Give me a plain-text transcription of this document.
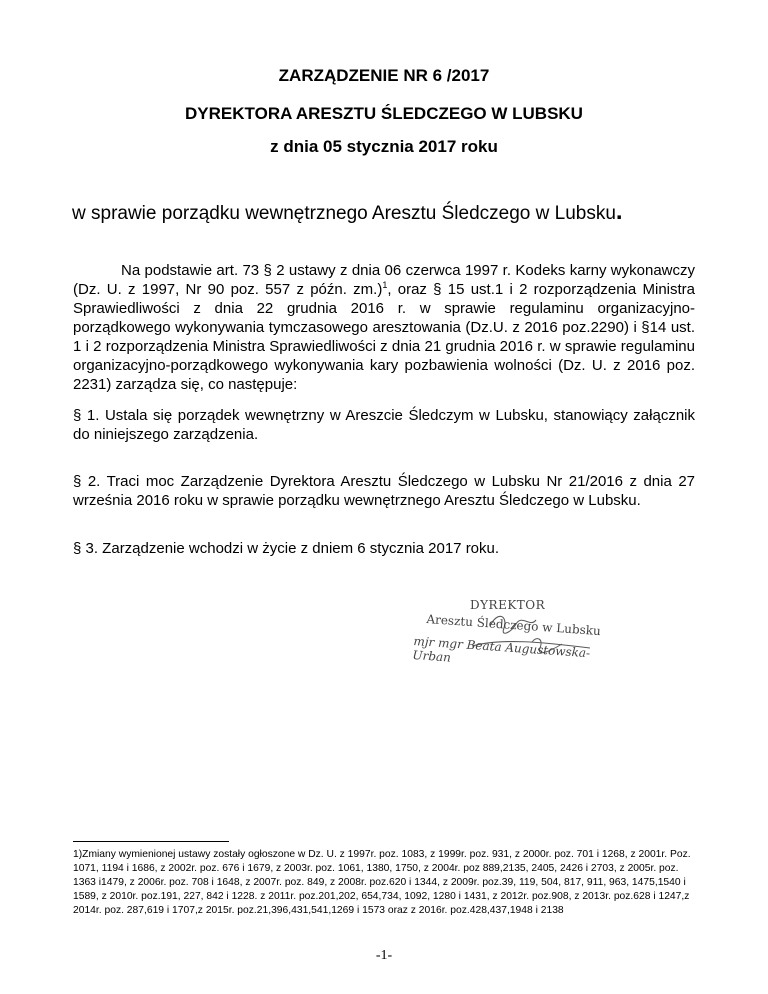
ZARZĄDZENIE NR 6 /2017
DYREKTORA ARESZTU ŚLEDCZEGO W LUBSKU
z dnia 05 stycznia 2017 roku
w sprawie porządku wewnętrznego Aresztu Śledczego w Lubsku.
Na podstawie art. 73 § 2 ustawy z dnia 06 czerwca 1997 r. Kodeks karny wykonawczy (Dz. U. z 1997, Nr 90 poz. 557 z późn. zm.)$^1$, oraz § 15 ust.1 i 2 rozporządzenia Ministra Sprawiedliwości z dnia 22 grudnia 2016 r. w sprawie regulaminu organizacyjno-porządkowego wykonywania tymczasowego aresztowania (Dz.U. z 2016 poz.2290) i §14 ust. 1 i 2 rozporządzenia Ministra Sprawiedliwości z dnia 21 grudnia 2016 r. w sprawie regulaminu organizacyjno-porządkowego wykonywania kary pozbawienia wolności (Dz. U. z 2016 poz. 2231) zarządza się, co następuje:
§ 1. Ustala się porządek wewnętrzny w Areszcie Śledczym w Lubsku, stanowiący załącznik do niniejszego zarządzenia.
§ 2. Traci moc Zarządzenie Dyrektora Aresztu Śledczego w Lubsku Nr 21/2016 z dnia 27 września 2016 roku w sprawie porządku wewnętrznego Aresztu Śledczego w Lubsku.
§ 3. Zarządzenie wchodzi w życie z dniem 6 stycznia 2017 roku.
DYREKTOR
Aresztu Śledczego w Lubsku
mjr mgr Beata Augustowska-Urban
1)Zmiany wymienionej ustawy zostały ogłoszone w Dz. U. z 1997r. poz. 1083, z 1999r. poz. 931, z 2000r. poz. 701 i 1268, z 2001r. Poz. 1071, 1194 i 1686, z 2002r. poz. 676 i 1679, z 2003r. poz. 1061, 1380, 1750, z 2004r. poz 889,2135, 2405, 2426 i 2703, z 2005r. poz. 1363 i1479, z 2006r. poz. 708 i 1648, z 2007r. poz. 849, z 2008r. poz.620 i 1344, z 2009r. poz.39, 119, 504, 817, 911, 963, 1475,1540 i 1589, z 2010r. poz.191, 227, 842 i 1228. z 2011r. poz.201,202, 654,734, 1092, 1280 i 1431, z 2012r. poz.908, z 2013r. poz.628 i 1247,z 2014r. poz. 287,619 i 1707,z 2015r. poz.21,396,431,541,1269 i 1573 oraz z 2016r. poz.428,437,1948 i 2138
-1-
